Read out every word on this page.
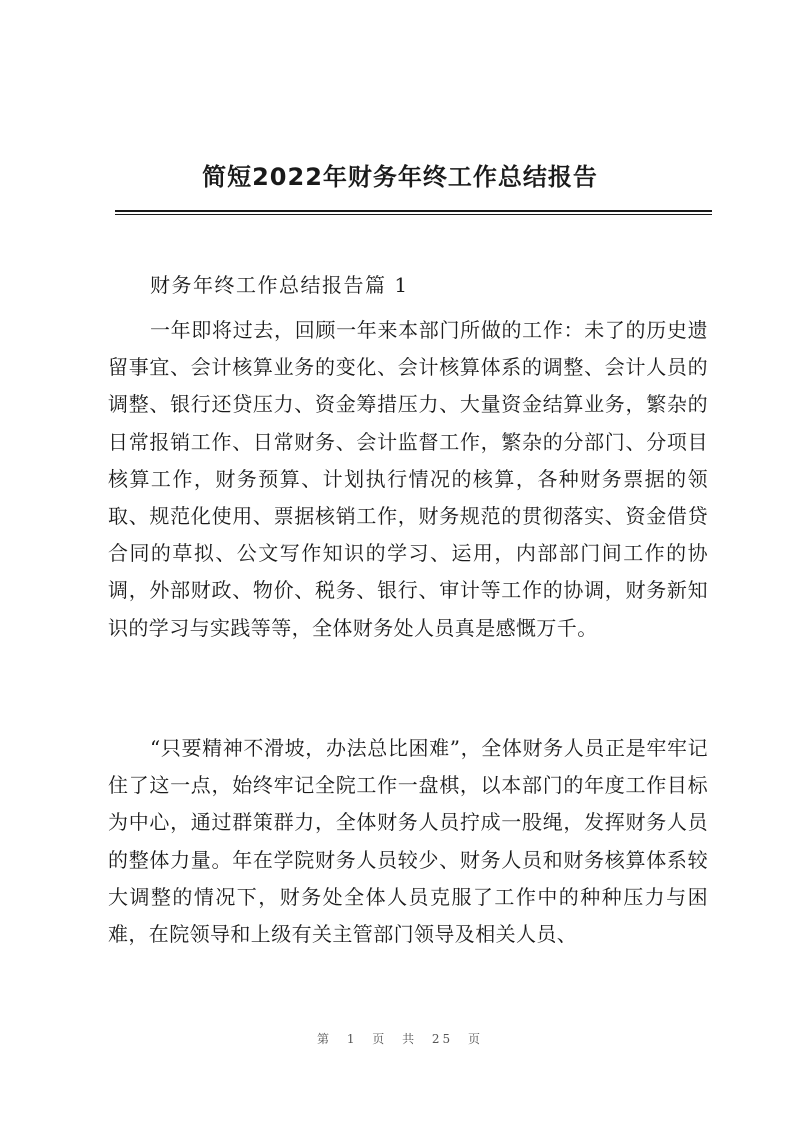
简短2022年财务年终工作总结报告
财务年终工作总结报告篇 1

一年即将过去，回顾一年来本部门所做的工作：未了的历史遗留事宜、会计核算业务的变化、会计核算体系的调整、会计人员的调整、银行还贷压力、资金筹措压力、大量资金结算业务，繁杂的日常报销工作、日常财务、会计监督工作，繁杂的分部门、分项目核算工作，财务预算、计划执行情况的核算，各种财务票据的领取、规范化使用、票据核销工作，财务规范的贯彻落实、资金借贷合同的草拟、公文写作知识的学习、运用，内部部门间工作的协调，外部财政、物价、税务、银行、审计等工作的协调，财务新知识的学习与实践等等，全体财务处人员真是感慨万千。

“只要精神不滑坡，办法总比困难”，全体财务人员正是牢牢记住了这一点，始终牢记全院工作一盘棋，以本部门的年度工作目标为中心，通过群策群力，全体财务人员拧成一股绳，发挥财务人员的整体力量。年在学院财务人员较少、财务人员和财务核算体系较大调整的情况下，财务处全体人员克服了工作中的种种压力与困难，在院领导和上级有关主管部门领导及相关人员、

第 1 页 共 25 页
